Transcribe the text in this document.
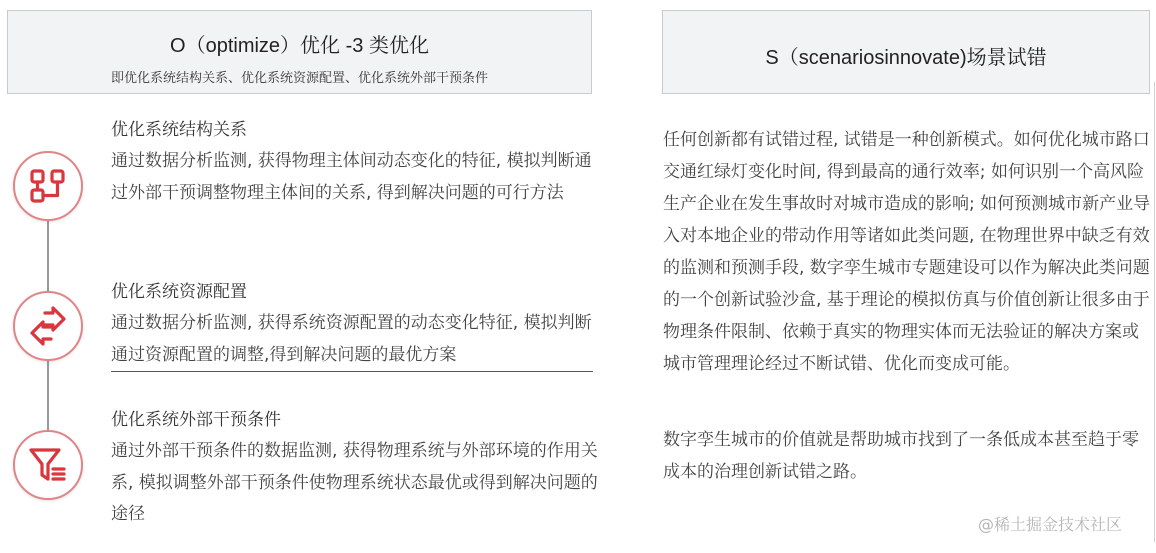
O（optimize）优化 -3 类优化
即优化系统结构关系、优化系统资源配置、优化系统外部干预条件
S（scenariosinnovate)场景试错
优化系统结构关系
通过数据分析监测, 获得物理主体间动态变化的特征, 模拟判断通过外部干预调整物理主体间的关系, 得到解决问题的可行方法
优化系统资源配置
通过数据分析监测, 获得系统资源配置的动态变化特征, 模拟判断通过资源配置的调整,得到解决问题的最优方案
优化系统外部干预条件
通过外部干预条件的数据监测, 获得物理系统与外部环境的作用关系, 模拟调整外部干预条件使物理系统状态最优或得到解决问题的途径
任何创新都有试错过程, 试错是一种创新模式。如何优化城市路口交通红绿灯变化时间, 得到最高的通行效率; 如何识别一个高风险生产企业在发生事故时对城市造成的影响; 如何预测城市新产业导入对本地企业的带动作用等诸如此类问题, 在物理世界中缺乏有效的监测和预测手段, 数字孪生城市专题建设可以作为解决此类问题的一个创新试验沙盒, 基于理论的模拟仿真与价值创新让很多由于物理条件限制、依赖于真实的物理实体而无法验证的解决方案或城市管理理论经过不断试错、优化而变成可能。
数字孪生城市的价值就是帮助城市找到了一条低成本甚至趋于零成本的治理创新试错之路。
@稀土掘金技术社区
